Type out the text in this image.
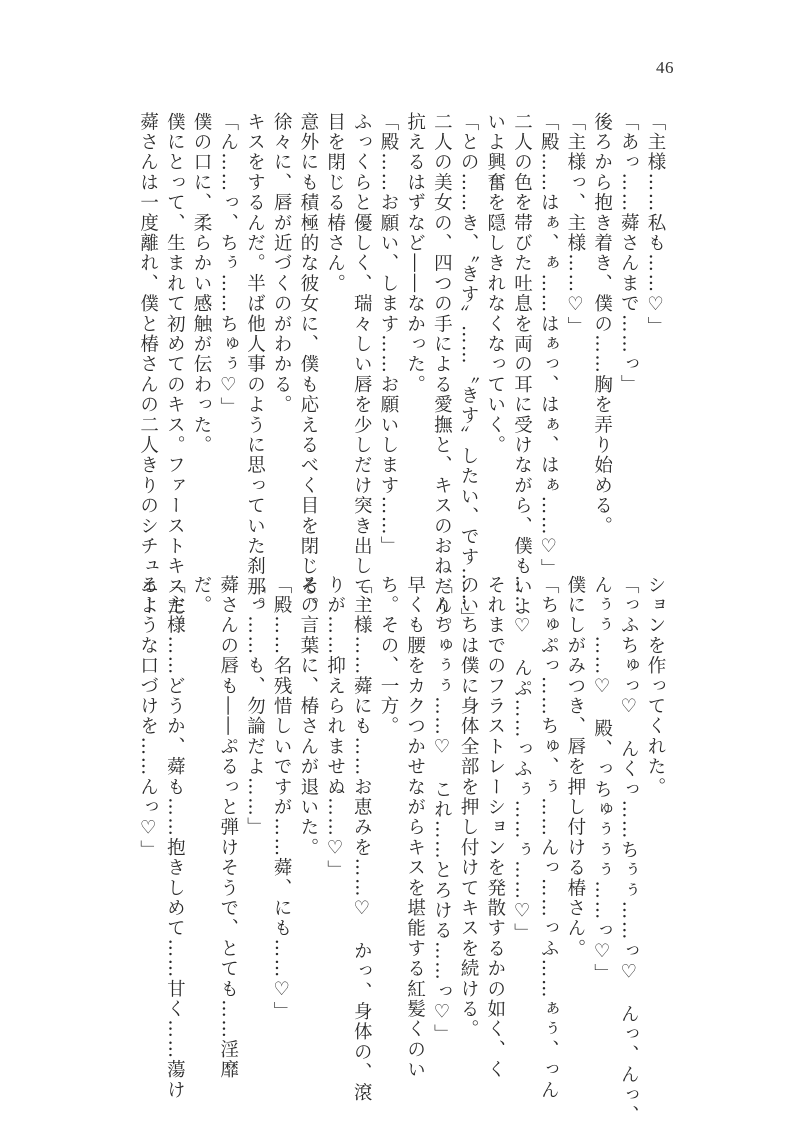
46
「主様……私も……♡」
「あっ……蕣さんまで……っ」
後ろから抱き着き、僕の……胸を弄り始める。
「主様っ、主様……♡」
「殿……はぁ、ぁ……はぁっ、はぁ、はぁ……♡」
二人の色を帯びた吐息を両の耳に受けながら、僕もいよ
いよ興奮を隠しきれなくなっていく。
「との……き、〝きす〟……〝きす〟したい、です……」
二人の美女の、四つの手による愛撫と、キスのおねだり。
抗えるはずなど――なかった。
「殿……お願い、します……お願いします……」
ふっくらと優しく、瑞々しい唇を少しだけ突き出して、
目を閉じる椿さん。
意外にも積極的な彼女に、僕も応えるべく目を閉じる。
徐々に、唇が近づくのがわかる。
キスをするんだ。半ば他人事のように思っていた刹那。
「ん……っ、ちぅ……ちゅぅ♡」
僕の口に、柔らかい感触が伝わった。
僕にとって、生まれて初めてのキス。ファーストキスだ。
蕣さんは一度離れ、僕と椿さんの二人きりのシチュエー
ションを作ってくれた。
「っふちゅっ♡　んくっ……ちぅぅ……っ♡　んっ、んっ、
んぅぅ……♡　殿、っちゅぅぅぅ……っ♡」
僕にしがみつき、唇を押し付ける椿さん。
「ちゅぷっ……ちゅ、ぅ……んっ……っふ……ぁぅ、っん
……♡　んぷ……っふぅ……ぅ……♡」
それまでのフラストレーションを発散するかの如く、く
のいちは僕に身体全部を押し付けてキスを続ける。
「んちゅぅぅ……♡　これ……とろける……っ♡」
早くも腰をカクつかせながらキスを堪能する紅髪くのい
ち。その、一方。
「主様……蕣にも……お恵みを……♡　かっ、身体の、滾
りが……抑えられませぬ……♡」
その言葉に、椿さんが退いた。
「殿……名残惜しいですが……蕣、にも……♡」
「っ……も、勿論だよ……」
蕣さんの唇も――ぷるっと弾けそうで、とても……淫靡
だ。
「主様……どうか、蕣も……抱きしめて……甘く……蕩け
るような口づけを……んっ♡」
